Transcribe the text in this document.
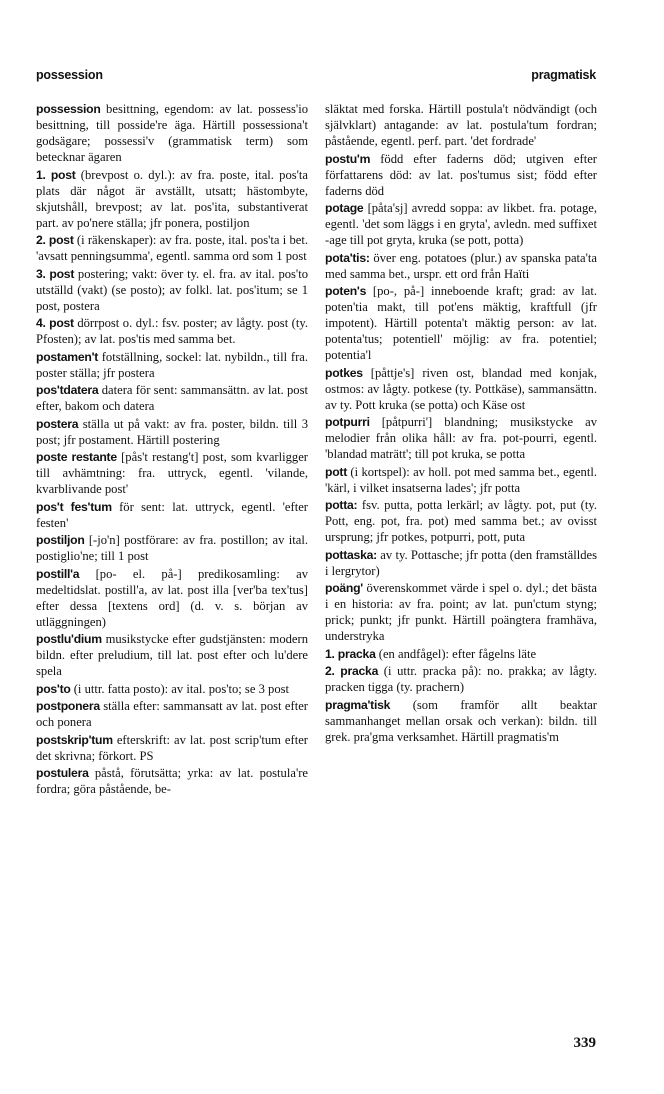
possession	pragmatisk

possession besittning, egendom: av lat. possess'io besittning, till posside're äga. Härtill possessiona't godsägare; possessi'v (grammatisk term) som betecknar ägaren

1. post (brevpost o. dyl.): av fra. poste, ital. pos'ta plats där något är avställt, utsatt; hästombyte, skjutshåll, brevpost; av lat. pos'ita, substantiverat part. av po'nere ställa; jfr ponera, postiljon

2. post (i räkenskaper): av fra. poste, ital. pos'ta i bet. 'avsatt penningsumma', egentl. samma ord som 1 post

3. post postering; vakt: över ty. el. fra. av ital. pos'to utställd (vakt) (se posto); av folkl. lat. pos'itum; se 1 post, postera

4. post dörrpost o. dyl.: fsv. poster; av lågty. post (ty. Pfosten); av lat. pos'tis med samma bet.

postamen't fotställning, sockel: lat. nybildn., till fra. poster ställa; jfr postera

pos'tdatera datera för sent: sammansättn. av lat. post efter, bakom och datera

postera ställa ut på vakt: av fra. poster, bildn. till 3 post; jfr postament. Härtill postering

poste restante [pås't restang't] post, som kvarligger till avhämtning: fra. uttryck, egentl. 'vilande, kvarblivande post'

pos't fes'tum för sent: lat. uttryck, egentl. 'efter festen'

postiljon [-jo'n] postförare: av fra. postillon; av ital. postiglio'ne; till 1 post

postill'a [po- el. på-] predikosamling: av medeltidslat. postill'a, av lat. post illa [ver'ba tex'tus] efter dessa [textens ord] (d. v. s. början av utläggningen)

postlu'dium musikstycke efter gudstjänsten: modern bildn. efter preludium, till lat. post efter och lu'dere spela

pos'to (i uttr. fatta posto): av ital. pos'to; se 3 post

postponera ställa efter: sammansatt av lat. post efter och ponera

postskrip'tum efterskrift: av lat. post scrip'tum efter det skrivna; förkort. PS

postulera påstå, förutsätta; yrka: av lat. postula're fordra; göra påstående, be-

släktat med forska. Härtill postula't nödvändigt (och självklart) antagande: av lat. postula'tum fordran; påstående, egentl. perf. part. 'det fordrade'

postu'm född efter faderns död; utgiven efter författarens död: av lat. pos'tumus sist; född efter faderns död

potage [påta'sj] avredd soppa: av likbet. fra. potage, egentl. 'det som läggs i en gryta', avledn. med suffixet -age till pot gryta, kruka (se pott, potta)

pota'tis: över eng. potatoes (plur.) av spanska pata'ta med samma bet., urspr. ett ord från Haïti

poten's [po-, på-] inneboende kraft; grad: av lat. poten'tia makt, till pot'ens mäktig, kraftfull (jfr impotent). Härtill potenta't mäktig person: av lat. potenta'tus; potentiell' möjlig: av fra. potentiel; potentia'l

potkes [påttje's] riven ost, blandad med konjak, ostmos: av lågty. potkese (ty. Pottkäse), sammansättn. av ty. Pott kruka (se potta) och Käse ost

potpurri [påtpurri'] blandning; musikstycke av melodier från olika håll: av fra. pot-pourri, egentl. 'blandad maträtt'; till pot kruka, se potta

pott (i kortspel): av holl. pot med samma bet., egentl. 'kärl, i vilket insatserna lades'; jfr potta

potta: fsv. putta, potta lerkärl; av lågty. pot, put (ty. Pott, eng. pot, fra. pot) med samma bet.; av ovisst ursprung; jfr potkes, potpurri, pott, puta

pottaska: av ty. Pottasche; jfr potta (den framställdes i lergrytor)

poäng' överenskommet värde i spel o. dyl.; det bästa i en historia: av fra. point; av lat. pun'ctum styng; prick; punkt; jfr punkt. Härtill poängtera framhäva, understryka

1. pracka (en andfågel): efter fågelns läte

2. pracka (i uttr. pracka på): no. prakka; av lågty. pracken tigga (ty. prachern)

pragma'tisk (som framför allt beaktar sammanhanget mellan orsak och verkan): bildn. till grek. pra'gma verksamhet. Härtill pragmatis'm

339
